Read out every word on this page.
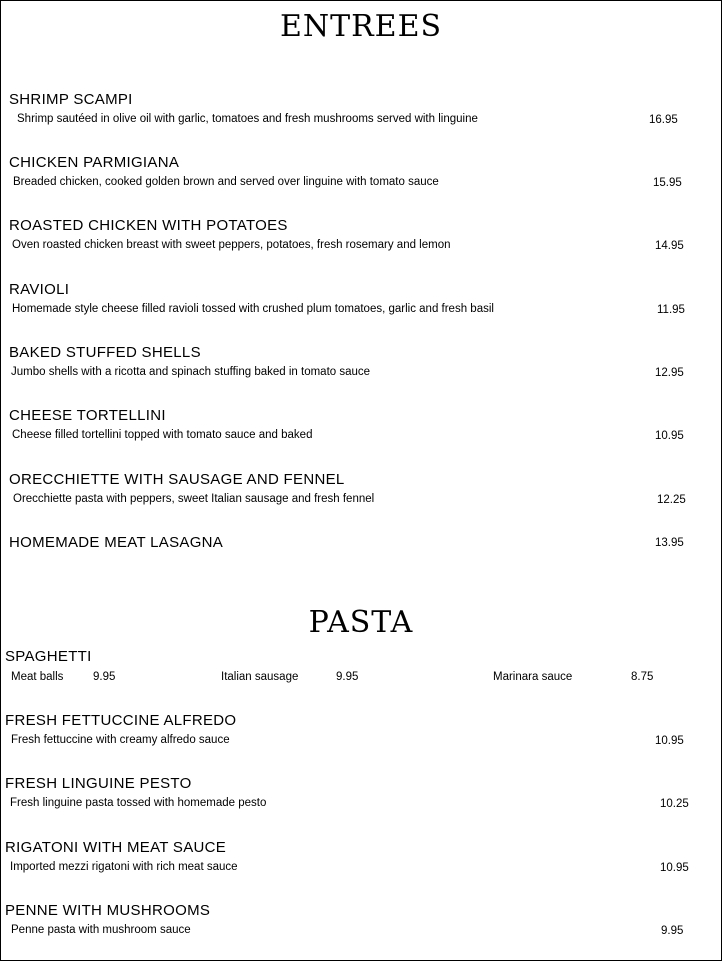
ENTREES
SHRIMP SCAMPI
Shrimp sautéed in olive oil with garlic, tomatoes and fresh mushrooms served with linguine	16.95
CHICKEN PARMIGIANA
Breaded chicken, cooked golden brown and served over linguine with tomato sauce	15.95
ROASTED CHICKEN WITH POTATOES
Oven roasted chicken breast with sweet peppers, potatoes, fresh rosemary and lemon	14.95
RAVIOLI
Homemade style cheese filled ravioli tossed with crushed plum tomatoes, garlic and fresh basil	11.95
BAKED STUFFED SHELLS
Jumbo shells with a ricotta and spinach stuffing baked in tomato sauce	12.95
CHEESE TORTELLINI
Cheese filled tortellini topped with tomato sauce and baked	10.95
ORECCHIETTE WITH SAUSAGE AND FENNEL
Orecchiette pasta with peppers, sweet Italian sausage and fresh fennel	12.25
HOMEMADE MEAT LASAGNA	13.95
PASTA
SPAGHETTI
Meat balls	9.95	Italian sausage	9.95	Marinara sauce	8.75
FRESH FETTUCCINE ALFREDO
Fresh fettuccine with creamy alfredo sauce	10.95
FRESH LINGUINE PESTO
Fresh linguine pasta tossed with homemade pesto	10.25
RIGATONI WITH MEAT SAUCE
Imported mezzi rigatoni with rich meat sauce	10.95
PENNE WITH MUSHROOMS
Penne pasta with mushroom sauce	9.95
